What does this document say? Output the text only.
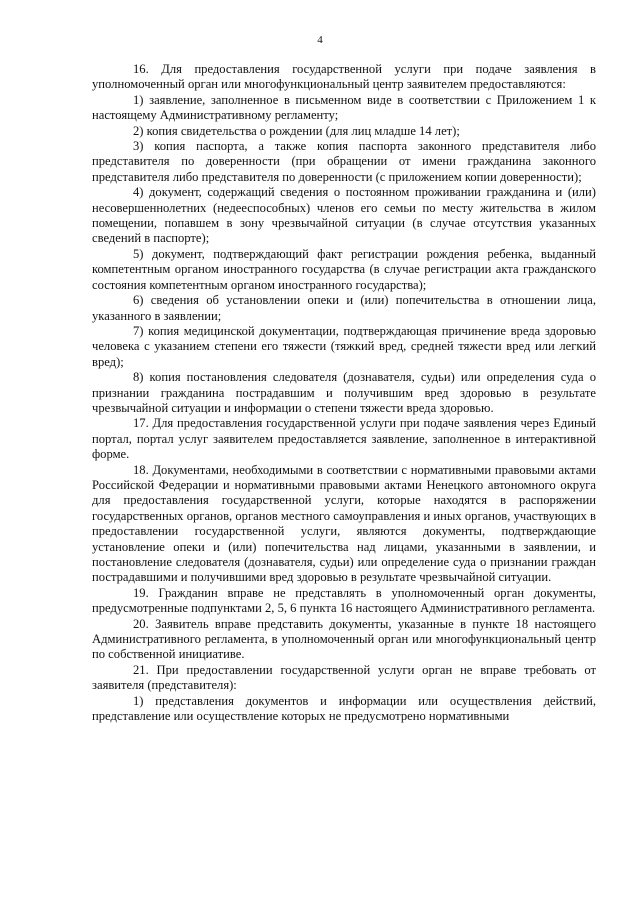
4

16. Для предоставления государственной услуги при подаче заявления в уполномоченный орган или многофункциональный центр заявителем предоставляются:

1) заявление, заполненное в письменном виде в соответствии с Приложением 1 к настоящему Административному регламенту;

2) копия свидетельства о рождении (для лиц младше 14 лет);

3) копия паспорта, а также копия паспорта законного представителя либо представителя по доверенности (при обращении от имени гражданина законного представителя либо представителя по доверенности (с приложением копии доверенности);

4) документ, содержащий сведения о постоянном проживании гражданина и (или) несовершеннолетних (недееспособных) членов его семьи по месту жительства в жилом помещении, попавшем в зону чрезвычайной ситуации (в случае отсутствия указанных сведений в паспорте);

5) документ, подтверждающий факт регистрации рождения ребенка, выданный компетентным органом иностранного государства (в случае регистрации акта гражданского состояния компетентным органом иностранного государства);

6) сведения об установлении опеки и (или) попечительства в отношении лица, указанного в заявлении;

7) копия медицинской документации, подтверждающая причинение вреда здоровью человека с указанием степени его тяжести (тяжкий вред, средней тяжести вред или легкий вред);

8) копия постановления следователя (дознавателя, судьи) или определения суда о признании гражданина пострадавшим и получившим вред здоровью в результате чрезвычайной ситуации и информации о степени тяжести вреда здоровью.

17. Для предоставления государственной услуги при подаче заявления через Единый портал, портал услуг заявителем предоставляется заявление, заполненное в интерактивной форме.

18. Документами, необходимыми в соответствии с нормативными правовыми актами Российской Федерации и нормативными правовыми актами Ненецкого автономного округа для предоставления государственной услуги, которые находятся в распоряжении государственных органов, органов местного самоуправления и иных органов, участвующих в предоставлении государственной услуги, являются документы, подтверждающие установление опеки и (или) попечительства над лицами, указанными в заявлении, и постановление следователя (дознавателя, судьи) или определение суда о признании граждан пострадавшими и получившими вред здоровью в результате чрезвычайной ситуации.

19. Гражданин вправе не представлять в уполномоченный орган документы, предусмотренные подпунктами 2, 5, 6 пункта 16 настоящего Административного регламента.

20. Заявитель вправе представить документы, указанные в пункте 18 настоящего Административного регламента, в уполномоченный орган или многофункциональный центр по собственной инициативе.

21. При предоставлении государственной услуги орган не вправе требовать от заявителя (представителя):

1) представления документов и информации или осуществления действий, представление или осуществление которых не предусмотрено нормативными
